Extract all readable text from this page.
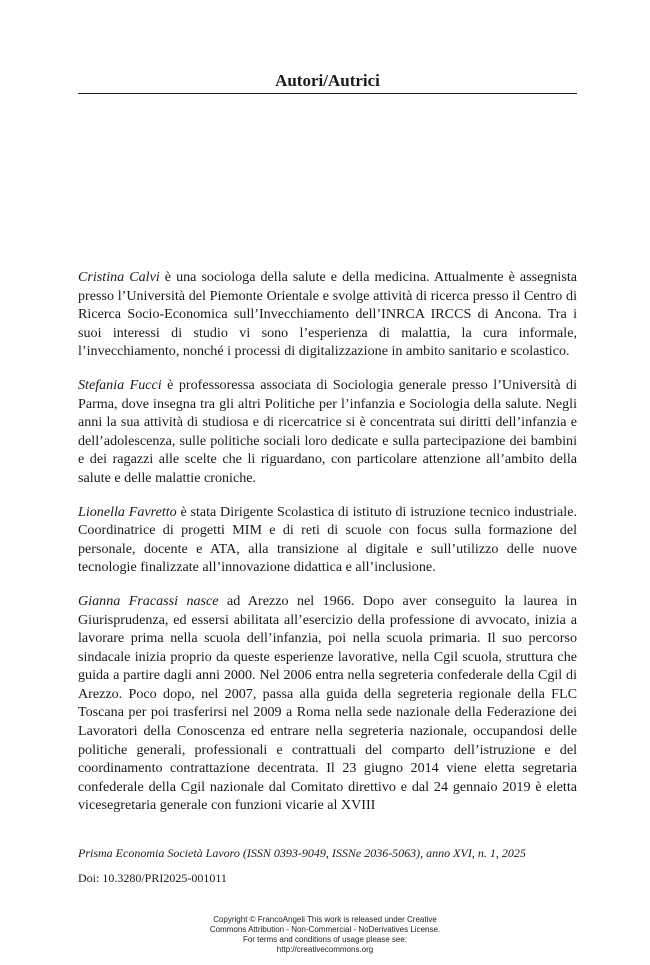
Autori/Autrici

Cristina Calvi è una sociologa della salute e della medicina. Attualmente è assegnista presso l’Università del Piemonte Orientale e svolge attività di ricerca presso il Centro di Ricerca Socio-Economica sull’Invecchiamento dell’INRCA IRCCS di Ancona. Tra i suoi interessi di studio vi sono l’esperienza di malattia, la cura informale, l’invecchiamento, nonché i processi di digitalizzazione in ambito sanitario e scolastico.

Stefania Fucci è professoressa associata di Sociologia generale presso l’Università di Parma, dove insegna tra gli altri Politiche per l’infanzia e Sociologia della salute. Negli anni la sua attività di studiosa e di ricercatrice si è concentrata sui diritti dell’infanzia e dell’adolescenza, sulle politiche sociali loro dedicate e sulla partecipazione dei bambini e dei ragazzi alle scelte che li riguardano, con particolare attenzione all’ambito della salute e delle malattie croniche.

Lionella Favretto è stata Dirigente Scolastica di istituto di istruzione tecnico industriale. Coordinatrice di progetti MIM e di reti di scuole con focus sulla formazione del personale, docente e ATA, alla transizione al digitale e sull’utilizzo delle nuove tecnologie finalizzate all’innovazione didattica e all’inclusione.

Gianna Fracassi nasce ad Arezzo nel 1966. Dopo aver conseguito la laurea in Giurisprudenza, ed essersi abilitata all’esercizio della professione di avvocato, inizia a lavorare prima nella scuola dell’infanzia, poi nella scuola primaria. Il suo percorso sindacale inizia proprio da queste esperienze lavorative, nella Cgil scuola, struttura che guida a partire dagli anni 2000. Nel 2006 entra nella segreteria confederale della Cgil di Arezzo. Poco dopo, nel 2007, passa alla guida della segreteria regionale della FLC Toscana per poi trasferirsi nel 2009 a Roma nella sede nazionale della Federazione dei Lavoratori della Conoscenza ed entrare nella segreteria nazionale, occupandosi delle politiche generali, professionali e contrattuali del comparto dell’istruzione e del coordinamento contrattazione decentrata. Il 23 giugno 2014 viene eletta segretaria confederale della Cgil nazionale dal Comitato direttivo e dal 24 gennaio 2019 è eletta vicesegretaria generale con funzioni vicarie al XVIII

Prisma Economia Società Lavoro (ISSN 0393-9049, ISSNe 2036-5063), anno XVI, n. 1, 2025
Doi: 10.3280/PRI2025-001011
Copyright © FrancoAngeli This work is released under Creative
Commons Attribution - Non-Commercial - NoDerivatives License.
For terms and conditions of usage please see:
http://creativecommons.org
